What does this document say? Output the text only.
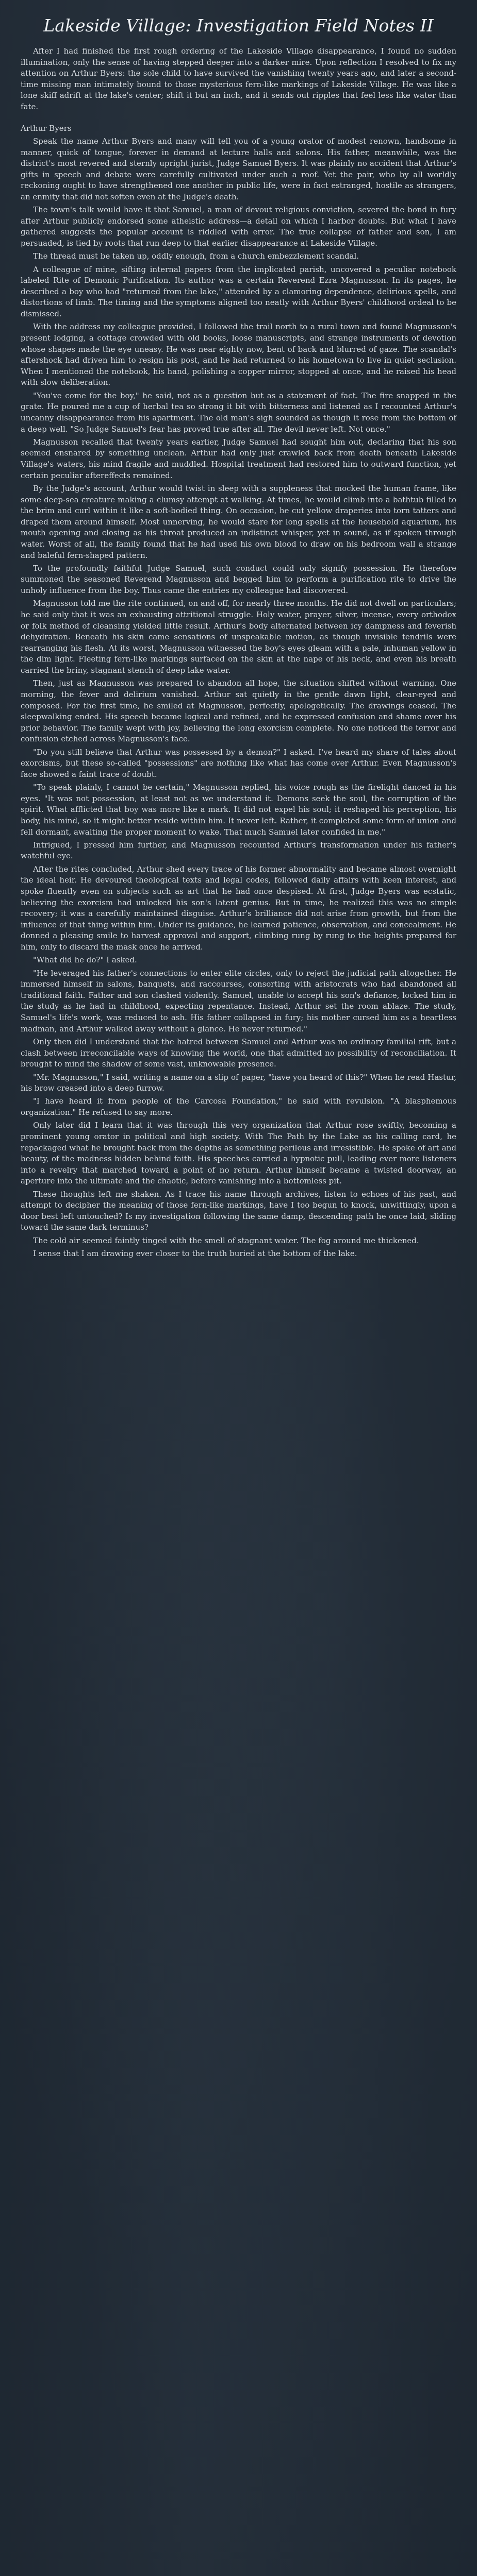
Lakeside Village: Investigation Field Notes II

After I had finished the first rough ordering of the Lakeside Village disappearance, I found no sudden illumination, only the sense of having stepped deeper into a darker mire. Upon reflection I resolved to fix my attention on Arthur Byers: the sole child to have survived the vanishing twenty years ago, and later a second-time missing man intimately bound to those mysterious fern-like markings of Lakeside Village. He was like a lone skiff adrift at the lake's center; shift it but an inch, and it sends out ripples that feel less like water than fate.

Arthur Byers

Speak the name Arthur Byers and many will tell you of a young orator of modest renown, handsome in manner, quick of tongue, forever in demand at lecture halls and salons. His father, meanwhile, was the district's most revered and sternly upright jurist, Judge Samuel Byers. It was plainly no accident that Arthur's gifts in speech and debate were carefully cultivated under such a roof. Yet the pair, who by all worldly reckoning ought to have strengthened one another in public life, were in fact estranged, hostile as strangers, an enmity that did not soften even at the Judge's death.

The town's talk would have it that Samuel, a man of devout religious conviction, severed the bond in fury after Arthur publicly endorsed some atheistic address—a detail on which I harbor doubts. But what I have gathered suggests the popular account is riddled with error. The true collapse of father and son, I am persuaded, is tied by roots that run deep to that earlier disappearance at Lakeside Village.

The thread must be taken up, oddly enough, from a church embezzlement scandal.

A colleague of mine, sifting internal papers from the implicated parish, uncovered a peculiar notebook labeled Rite of Demonic Purification. Its author was a certain Reverend Ezra Magnusson. In its pages, he described a boy who had "returned from the lake," attended by a clamoring dependence, delirious spells, and distortions of limb. The timing and the symptoms aligned too neatly with Arthur Byers' childhood ordeal to be dismissed.

With the address my colleague provided, I followed the trail north to a rural town and found Magnusson's present lodging, a cottage crowded with old books, loose manuscripts, and strange instruments of devotion whose shapes made the eye uneasy. He was near eighty now, bent of back and blurred of gaze. The scandal's aftershock had driven him to resign his post, and he had returned to his hometown to live in quiet seclusion. When I mentioned the notebook, his hand, polishing a copper mirror, stopped at once, and he raised his head with slow deliberation.

"You've come for the boy," he said, not as a question but as a statement of fact. The fire snapped in the grate. He poured me a cup of herbal tea so strong it bit with bitterness and listened as I recounted Arthur's uncanny disappearance from his apartment. The old man's sigh sounded as though it rose from the bottom of a deep well. "So Judge Samuel's fear has proved true after all. The devil never left. Not once."

Magnusson recalled that twenty years earlier, Judge Samuel had sought him out, declaring that his son seemed ensnared by something unclean. Arthur had only just crawled back from death beneath Lakeside Village's waters, his mind fragile and muddled. Hospital treatment had restored him to outward function, yet certain peculiar aftereffects remained.

By the Judge's account, Arthur would twist in sleep with a suppleness that mocked the human frame, like some deep-sea creature making a clumsy attempt at walking. At times, he would climb into a bathtub filled to the brim and curl within it like a soft-bodied thing. On occasion, he cut yellow draperies into torn tatters and draped them around himself. Most unnerving, he would stare for long spells at the household aquarium, his mouth opening and closing as his throat produced an indistinct whisper, yet in sound, as if spoken through water. Worst of all, the family found that he had used his own blood to draw on his bedroom wall a strange and baleful fern-shaped pattern.

To the profoundly faithful Judge Samuel, such conduct could only signify possession. He therefore summoned the seasoned Reverend Magnusson and begged him to perform a purification rite to drive the unholy influence from the boy. Thus came the entries my colleague had discovered.

Magnusson told me the rite continued, on and off, for nearly three months. He did not dwell on particulars; he said only that it was an exhausting attritional struggle. Holy water, prayer, silver, incense, every orthodox or folk method of cleansing yielded little result. Arthur's body alternated between icy dampness and feverish dehydration. Beneath his skin came sensations of unspeakable motion, as though invisible tendrils were rearranging his flesh. At its worst, Magnusson witnessed the boy's eyes gleam with a pale, inhuman yellow in the dim light. Fleeting fern-like markings surfaced on the skin at the nape of his neck, and even his breath carried the briny, stagnant stench of deep lake water.

Then, just as Magnusson was prepared to abandon all hope, the situation shifted without warning. One morning, the fever and delirium vanished. Arthur sat quietly in the gentle dawn light, clear-eyed and composed. For the first time, he smiled at Magnusson, perfectly, apologetically. The drawings ceased. The sleepwalking ended. His speech became logical and refined, and he expressed confusion and shame over his prior behavior. The family wept with joy, believing the long exorcism complete. No one noticed the terror and confusion etched across Magnusson's face.

"Do you still believe that Arthur was possessed by a demon?" I asked. I've heard my share of tales about exorcisms, but these so-called "possessions" are nothing like what has come over Arthur. Even Magnusson's face showed a faint trace of doubt.

"To speak plainly, I cannot be certain," Magnusson replied, his voice rough as the firelight danced in his eyes. "It was not possession, at least not as we understand it. Demons seek the soul, the corruption of the spirit. What afflicted that boy was more like a mark. It did not expel his soul; it reshaped his perception, his body, his mind, so it might better reside within him. It never left. Rather, it completed some form of union and fell dormant, awaiting the proper moment to wake. That much Samuel later confided in me."

Intrigued, I pressed him further, and Magnusson recounted Arthur's transformation under his father's watchful eye.

After the rites concluded, Arthur shed every trace of his former abnormality and became almost overnight the ideal heir. He devoured theological texts and legal codes, followed daily affairs with keen interest, and spoke fluently even on subjects such as art that he had once despised. At first, Judge Byers was ecstatic, believing the exorcism had unlocked his son's latent genius. But in time, he realized this was no simple recovery; it was a carefully maintained disguise. Arthur's brilliance did not arise from growth, but from the influence of that thing within him. Under its guidance, he learned patience, observation, and concealment. He donned a pleasing smile to harvest approval and support, climbing rung by rung to the heights prepared for him, only to discard the mask once he arrived.

"What did he do?" I asked.

"He leveraged his father's connections to enter elite circles, only to reject the judicial path altogether. He immersed himself in salons, banquets, and raccourses, consorting with aristocrats who had abandoned all traditional faith. Father and son clashed violently. Samuel, unable to accept his son's defiance, locked him in the study as he had in childhood, expecting repentance. Instead, Arthur set the room ablaze. The study, Samuel's life's work, was reduced to ash. His father collapsed in fury; his mother cursed him as a heartless madman, and Arthur walked away without a glance. He never returned."

Only then did I understand that the hatred between Samuel and Arthur was no ordinary familial rift, but a clash between irreconcilable ways of knowing the world, one that admitted no possibility of reconciliation. It brought to mind the shadow of some vast, unknowable presence.

"Mr. Magnusson," I said, writing a name on a slip of paper, "have you heard of this?" When he read Hastur, his brow creased into a deep furrow.

"I have heard it from people of the Carcosa Foundation," he said with revulsion. "A blasphemous organization." He refused to say more.

Only later did I learn that it was through this very organization that Arthur rose swiftly, becoming a prominent young orator in political and high society. With The Path by the Lake as his calling card, he repackaged what he brought back from the depths as something perilous and irresistible. He spoke of art and beauty, of the madness hidden behind faith. His speeches carried a hypnotic pull, leading ever more listeners into a revelry that marched toward a point of no return. Arthur himself became a twisted doorway, an aperture into the ultimate and the chaotic, before vanishing into a bottomless pit.

These thoughts left me shaken. As I trace his name through archives, listen to echoes of his past, and attempt to decipher the meaning of those fern-like markings, have I too begun to knock, unwittingly, upon a door best left untouched? Is my investigation following the same damp, descending path he once laid, sliding toward the same dark terminus?

The cold air seemed faintly tinged with the smell of stagnant water. The fog around me thickened.

I sense that I am drawing ever closer to the truth buried at the bottom of the lake.
